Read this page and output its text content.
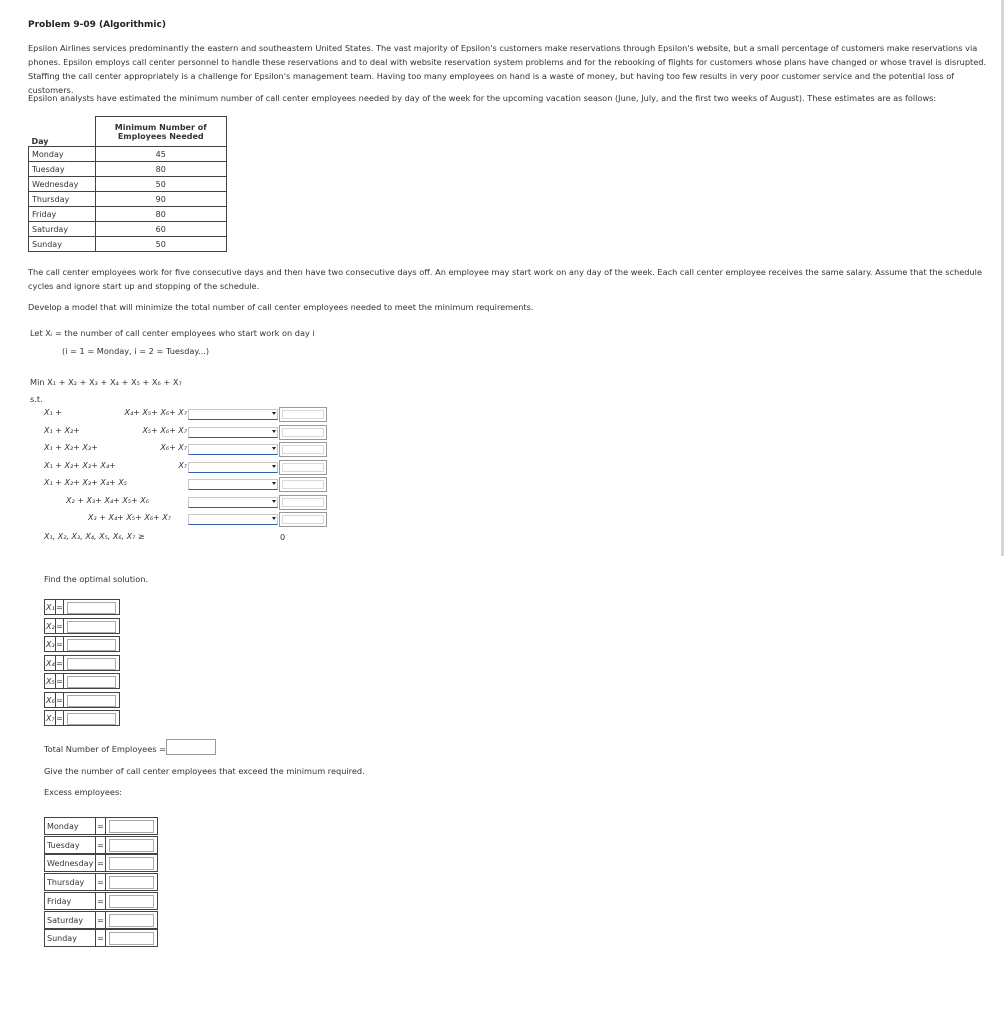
Problem 9-09 (Algorithmic)
Epsilon Airlines services predominantly the eastern and southeastern United States. The vast majority of Epsilon's customers make reservations through Epsilon's website, but a small percentage of customers make reservations via phones. Epsilon employs call center personnel to handle these reservations and to deal with website reservation system problems and for the rebooking of flights for customers whose plans have changed or whose travel is disrupted. Staffing the call center appropriately is a challenge for Epsilon's management team. Having too many employees on hand is a waste of money, but having too few results in very poor customer service and the potential loss of customers.
Epsilon analysts have estimated the minimum number of call center employees needed by day of the week for the upcoming vacation season (June, July, and the first two weeks of August). These estimates are as follows:
Day	Minimum Number of
Employees Needed

Monday	45
Tuesday	80
Wednesday	50
Thursday	90
Friday	80
Saturday	60
Sunday	50
The call center employees work for five consecutive days and then have two consecutive days off. An employee may start work on any day of the week. Each call center employee receives the same salary. Assume that the schedule cycles and ignore start up and stopping of the schedule.
Develop a model that will minimize the total number of call center employees needed to meet the minimum requirements.
Let Xᵢ = the number of call center employees who start work on day i
(i = 1 = Monday, i = 2 = Tuesday...)
Min X₁ + X₂ + X₃ + X₄ + X₅ + X₆ + X₇
s.t.
X₁ +	X₄+ X₅+ X₆+ X₇
X₁ + X₂+	X₅+ X₆+ X₇
X₁ + X₂+ X₃+	X₆+ X₇
X₁ + X₂+ X₃+ X₄+	X₇
X₁ + X₂+ X₃+ X₄+ X₅
X₂ + X₃+ X₄+ X₅+ X₆
X₃ + X₄+ X₅+ X₆+ X₇
X₁, X₂, X₃, X₄, X₅, X₆, X₇ ≥	0
Find the optimal solution.
X₁ =
X₂ =
X₃ =
X₄ =
X₅ =
X₆ =
X₇ =
Total Number of Employees =
Give the number of call center employees that exceed the minimum required.
Excess employees:
Monday	=
Tuesday	=
Wednesday =
Thursday	=
Friday	=
Saturday	=
Sunday	=
